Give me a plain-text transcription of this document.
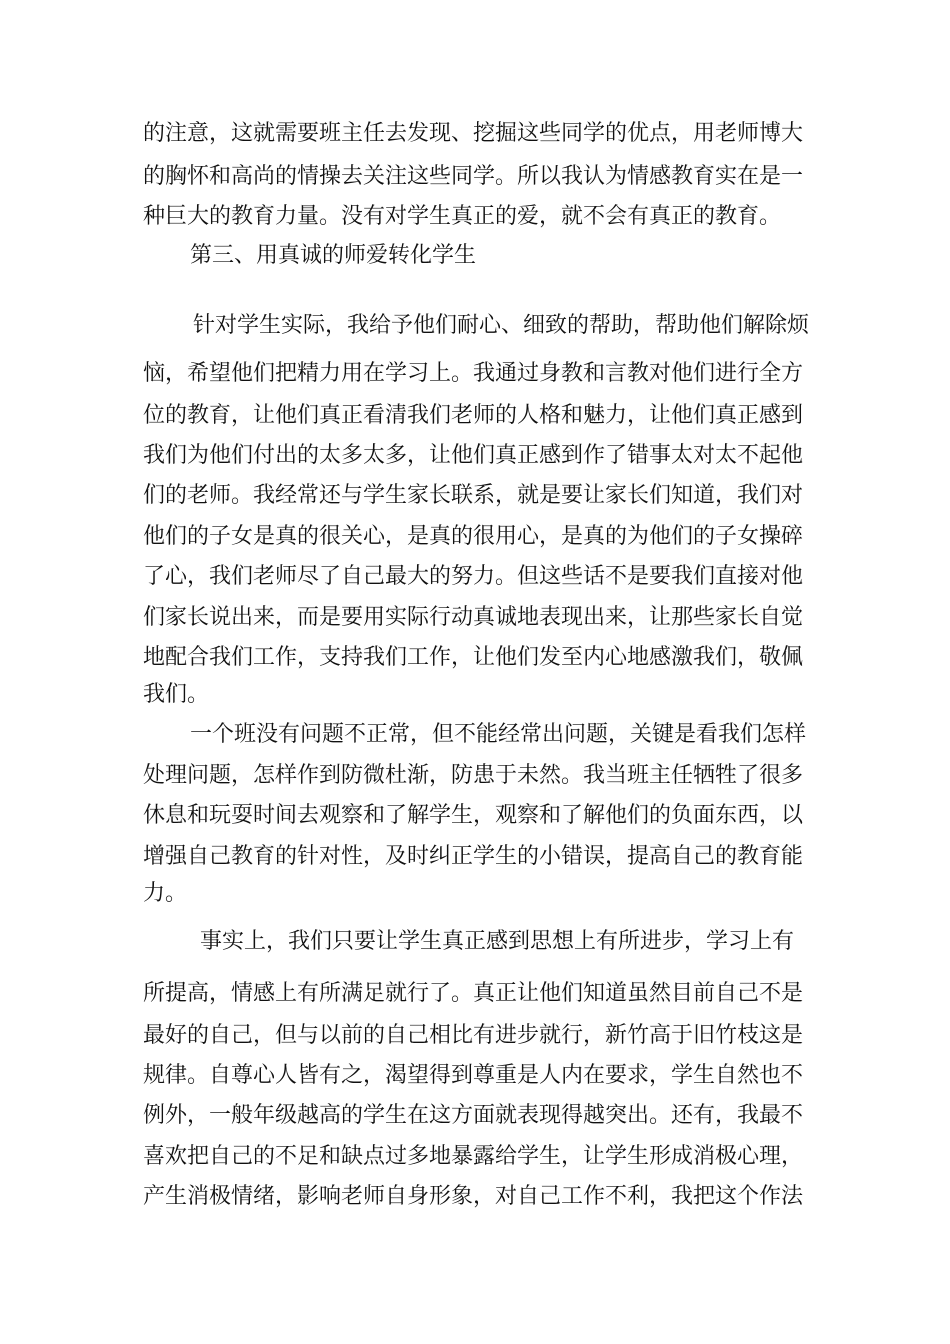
的注意，这就需要班主任去发现、挖掘这些同学的优点，用老师博大
的胸怀和高尚的情操去关注这些同学。所以我认为情感教育实在是一
种巨大的教育力量。没有对学生真正的爱，就不会有真正的教育。
第三、用真诚的师爱转化学生
针对学生实际，我给予他们耐心、细致的帮助，帮助他们解除烦
恼，希望他们把精力用在学习上。我通过身教和言教对他们进行全方
位的教育，让他们真正看清我们老师的人格和魅力，让他们真正感到
我们为他们付出的太多太多，让他们真正感到作了错事太对太不起他
们的老师。我经常还与学生家长联系，就是要让家长们知道，我们对
他们的子女是真的很关心，是真的很用心，是真的为他们的子女操碎
了心，我们老师尽了自己最大的努力。但这些话不是要我们直接对他
们家长说出来，而是要用实际行动真诚地表现出来，让那些家长自觉
地配合我们工作，支持我们工作，让他们发至内心地感激我们，敬佩
我们。
一个班没有问题不正常，但不能经常出问题，关键是看我们怎样
处理问题，怎样作到防微杜渐，防患于未然。我当班主任牺牲了很多
休息和玩耍时间去观察和了解学生，观察和了解他们的负面东西，以
增强自己教育的针对性，及时纠正学生的小错误，提高自己的教育能
力。
事实上，我们只要让学生真正感到思想上有所进步，学习上有
所提高，情感上有所满足就行了。真正让他们知道虽然目前自己不是
最好的自己，但与以前的自己相比有进步就行，新竹高于旧竹枝这是
规律。自尊心人皆有之，渴望得到尊重是人内在要求，学生自然也不
例外，一般年级越高的学生在这方面就表现得越突出。还有，我最不
喜欢把自己的不足和缺点过多地暴露给学生，让学生形成消极心理，
产生消极情绪，影响老师自身形象，对自己工作不利，我把这个作法
